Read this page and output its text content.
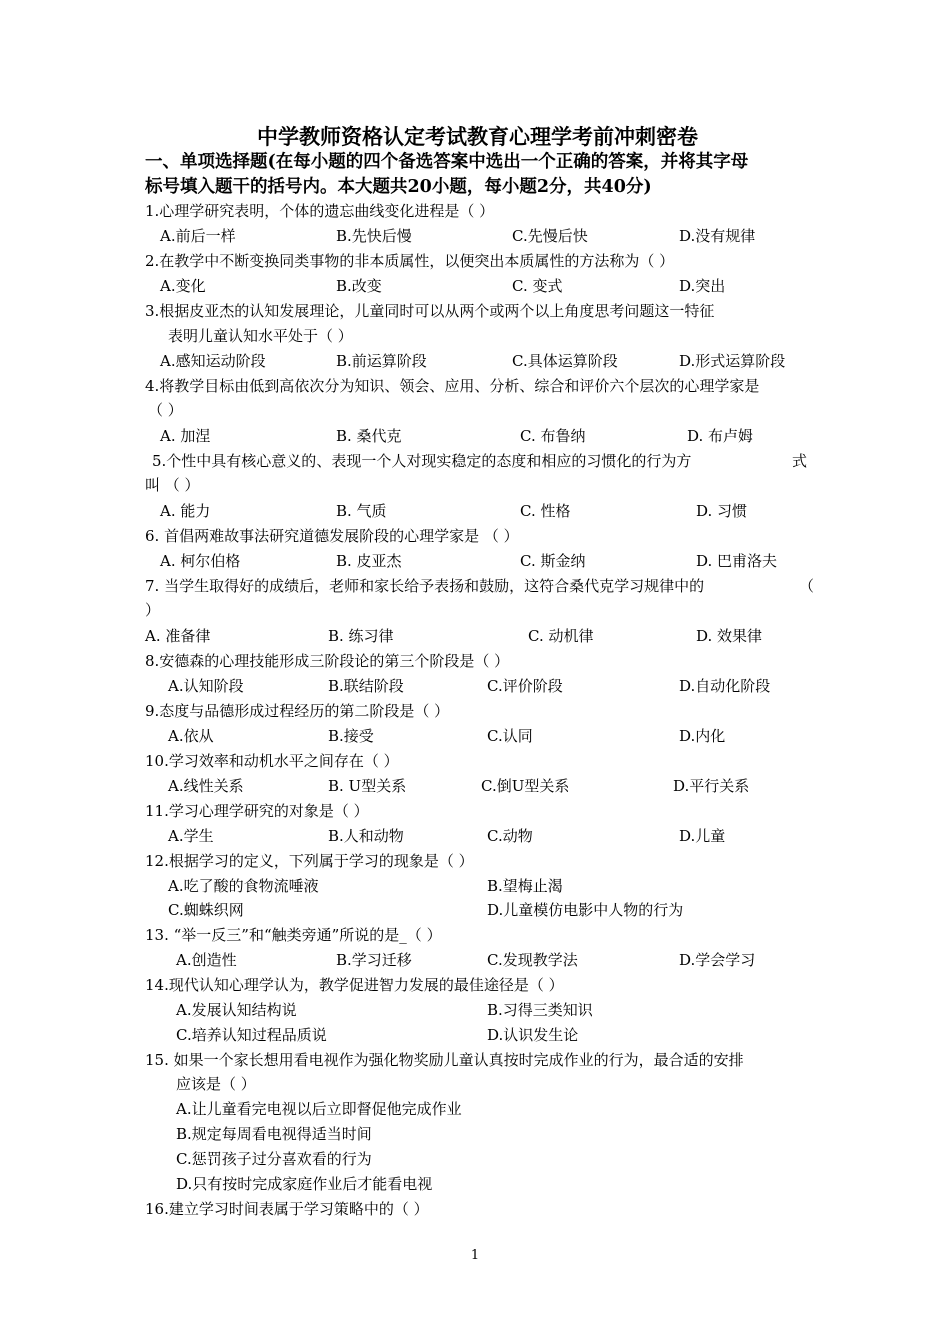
中学教师资格认定考试教育心理学考前冲刺密卷
一、单项选择题(在每小题的四个备选答案中选出一个正确的答案，并将其字母
标号填入题干的括号内。本大题共20小题，每小题2分，共40分)
1.心理学研究表明，个体的遗忘曲线变化进程是（ ）
A.前后一样	B.先快后慢	C.先慢后快	D.没有规律
2.在教学中不断变换同类事物的非本质属性，以便突出本质属性的方法称为（ ）
A.变化	B.改变	C. 变式	D.突出
3.根据皮亚杰的认知发展理论，儿童同时可以从两个或两个以上角度思考问题这一特征
表明儿童认知水平处于（ ）
A.感知运动阶段	B.前运算阶段	C.具体运算阶段	D.形式运算阶段
4.将教学目标由低到高依次分为知识、领会、应用、分析、综合和评价六个层次的心理学家是
（ ）
A. 加涅	B. 桑代克	C. 布鲁纳	D. 布卢姆
5.个性中具有核心意义的、表现一个人对现实稳定的态度和相应的习惯化的行为方	式
叫 （ ）
A. 能力	B. 气质	C. 性格	D. 习惯
6. 首倡两难故事法研究道德发展阶段的心理学家是 （ ）
A. 柯尔伯格	B. 皮亚杰	C. 斯金纳	D. 巴甫洛夫
7. 当学生取得好的成绩后，老师和家长给予表扬和鼓励，这符合桑代克学习规律中的	（
）
A. 准备律	B. 练习律	C. 动机律	D. 效果律
8.安德森的心理技能形成三阶段论的第三个阶段是（ ）
A.认知阶段	B.联结阶段	C.评价阶段	D.自动化阶段
9.态度与品德形成过程经历的第二阶段是（ ）
A.依从	B.接受	C.认同	D.内化
10.学习效率和动机水平之间存在（ ）
A.线性关系	B. U型关系	C.倒U型关系	D.平行关系
11.学习心理学研究的对象是（ ）
A.学生	B.人和动物	C.动物	D.儿童
12.根据学习的定义，下列属于学习的现象是（ ）
A.吃了酸的食物流唾液	B.望梅止渴
C.蜘蛛织网	D.儿童模仿电影中人物的行为
13. “举一反三”和“触类旁通”所说的是_（ ）
A.创造性	B.学习迁移	C.发现教学法	D.学会学习
14.现代认知心理学认为，教学促进智力发展的最佳途径是（ ）
A.发展认知结构说	B.习得三类知识
C.培养认知过程品质说	D.认识发生论
15. 如果一个家长想用看电视作为强化物奖励儿童认真按时完成作业的行为，最合适的安排
应该是（ ）
A.让儿童看完电视以后立即督促他完成作业
B.规定每周看电视得适当时间
C.惩罚孩子过分喜欢看的行为
D.只有按时完成家庭作业后才能看电视
16.建立学习时间表属于学习策略中的（ ）
1
